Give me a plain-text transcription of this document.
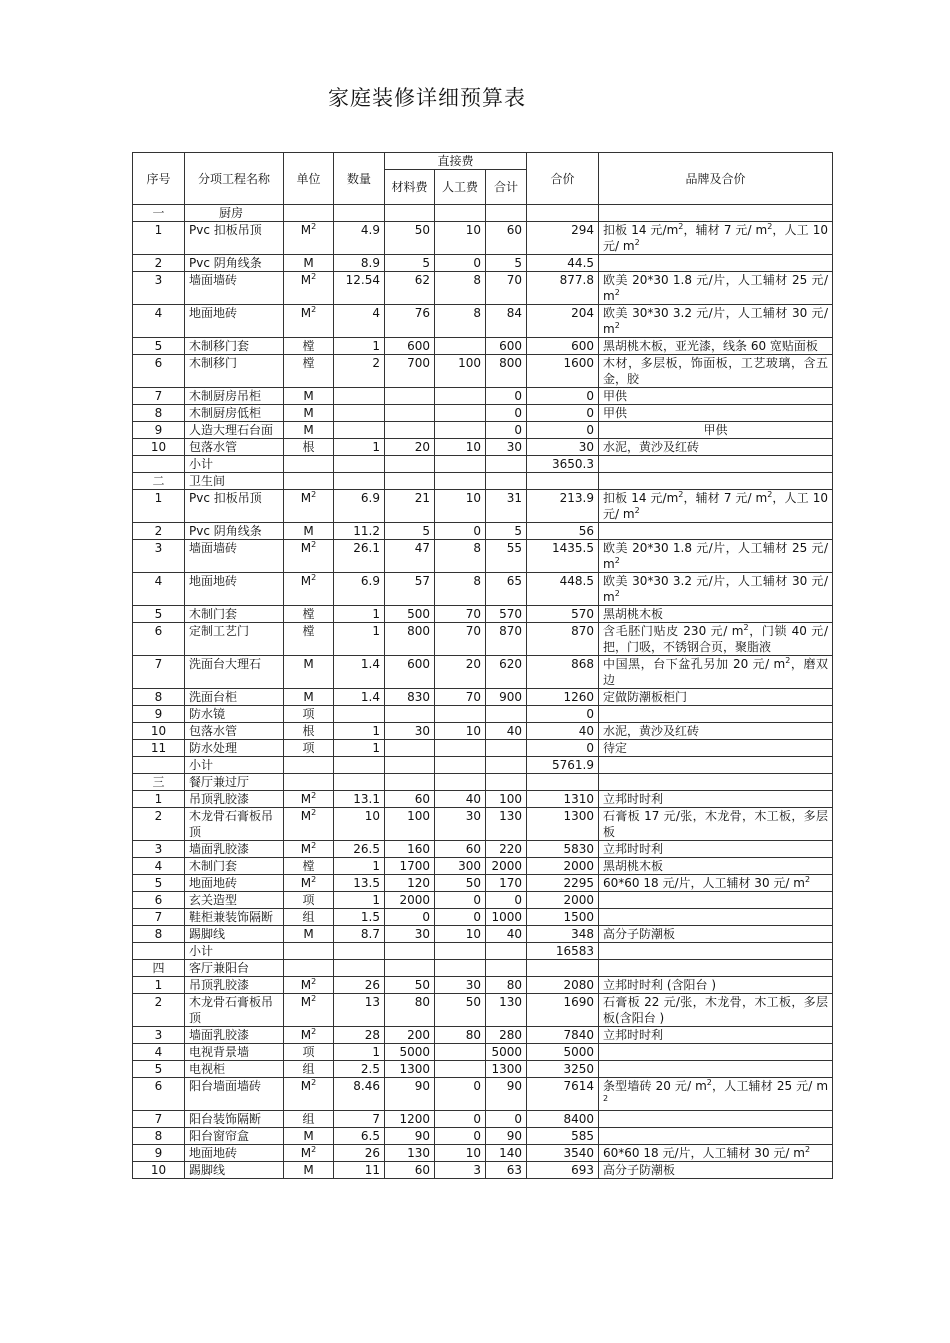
家庭装修详细预算表
序号	分项工程名称	单位	数量	直接费			合价	品牌及合价
				材料费	人工费	合计		
一	厨房							
1	Pvc 扣板吊顶	$M^2$	4.9	50	10	60	294	扣板 14 元$/m^2$，辅材 7 元/ $m^2$，人工 10 元/ $m^2$
2	Pvc 阴角线条	M	8.9	5	0	5	44.5	
3	墙面墙砖	$M^2$	12.54	62	8	70	877.8	欧美 20*30 1.8 元/片，人工辅材 25 元/ $m^2$
4	地面地砖	$M^2$	4	76	8	84	204	欧美 30*30 3.2 元/片，人工辅材 30 元/ $m^2$
5	木制移门套	樘	1	600		600	600	黑胡桃木板，亚光漆，线条 60 宽贴面板
6	木制移门	樘	2	700	100	800	1600	木材，多层板，饰面板，工艺玻璃，含五金，胶
7	木制厨房吊柜	M				0	0	甲供
8	木制厨房低柜	M				0	0	甲供
9	人造大理石台面	M				0	0	甲供
10	包落水管	根	1	20	10	30	30	水泥，黄沙及红砖
	小计						3650.3	
二	卫生间							
1	Pvc 扣板吊顶	$M^2$	6.9	21	10	31	213.9	扣板 14 元$/m^2$，辅材 7 元/ $m^2$，人工 10 元/ $m^2$
2	Pvc 阴角线条	M	11.2	5	0	5	56	
3	墙面墙砖	$M^2$	26.1	47	8	55	1435.5	欧美 20*30 1.8 元/片，人工辅材 25 元/ $m^2$
4	地面地砖	$M^2$	6.9	57	8	65	448.5	欧美 30*30 3.2 元/片，人工辅材 30 元/ $m^2$
5	木制门套	樘	1	500	70	570	570	黑胡桃木板
6	定制工艺门	樘	1	800	70	870	870	含毛胚门贴皮 230 元/ $m^2$，门锁 40 元/把，门吸，不锈钢合页，聚脂液
7	洗面台大理石	M	1.4	600	20	620	868	中国黑，台下盆孔另加 20 元/ $m^2$，磨双边
8	洗面台柜	M	1.4	830	70	900	1260	定做防潮板柜门
9	防水镜	项					0	
10	包落水管	根	1	30	10	40	40	水泥，黄沙及红砖
11	防水处理	项	1				0	待定
	小计						5761.9	
三	餐厅兼过厅							
1	吊顶乳胶漆	$M^2$	13.1	60	40	100	1310	立邦时时利
2	木龙骨石膏板吊顶	$M^2$	10	100	30	130	1300	石膏板 17 元/张，木龙骨，木工板，多层板
3	墙面乳胶漆	$M^2$	26.5	160	60	220	5830	立邦时时利
4	木制门套	樘	1	1700	300	2000	2000	黑胡桃木板
5	地面地砖	$M^2$	13.5	120	50	170	2295	60*60 18 元/片，人工辅材 30 元/ $m^2$
6	玄关造型	项	1	2000	0	0	2000	
7	鞋柜兼装饰隔断	组	1.5	0	0	1000	1500	
8	踢脚线	M	8.7	30	10	40	348	高分子防潮板
	小计						16583	
四	客厅兼阳台							
1	吊顶乳胶漆	$M^2$	26	50	30	80	2080	立邦时时利 (含阳台 )
2	木龙骨石膏板吊顶	$M^2$	13	80	50	130	1690	石膏板 22 元/张，木龙骨，木工板，多层板(含阳台 )
3	墙面乳胶漆	$M^2$	28	200	80	280	7840	立邦时时利
4	电视背景墙	项	1	5000		5000	5000	
5	电视柜	组	2.5	1300		1300	3250	
6	阳台墙面墙砖	$M^2$	8.46	90	0	90	7614	条型墙砖 20 元/ $m^2$，人工辅材 25 元/ $m^2$
7	阳台装饰隔断	组	7	1200	0	0	8400	
8	阳台窗帘盒	M	6.5	90	0	90	585	
9	地面地砖	$M^2$	26	130	10	140	3540	60*60 18 元/片，人工辅材 30 元/ $m^2$
10	踢脚线	M	11	60	3	63	693	高分子防潮板
